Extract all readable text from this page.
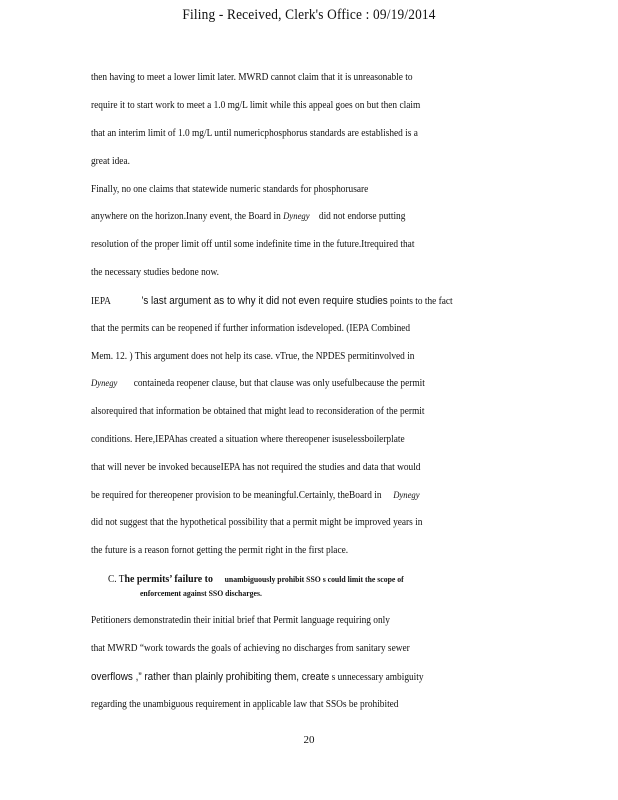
Filing - Received, Clerk's Office : 09/19/2014
then having to meet a lower limit later. MWRD cannot claim that it is unreasonable to
require it to start work to meet a 1.0 mg/L limit while this appeal goes on but then claim
that an interim limit of 1.0 mg/L until numericphosphorus standards are established is a
great idea.
Finally, no one claims that statewide numeric standards for phosphorusare
anywhere on the horizon.Inany event, the Board in Dynegy did not endorse putting
resolution of the proper limit off until some indefinite time in the future.Itrequired that
the necessary studies bedone now.
IEPA	’s last argument as to why it did not even require studies points to the fact
that the permits can be reopened if further information isdeveloped. (IEPA Combined
Mem. 12. ) This argument does not help its case. vTrue, the NPDES permitinvolved in
Dynegy containeda reopener clause, but that clause was only usefulbecause the permit
alsorequired that information be obtained that might lead to reconsideration of the permit
conditions. Here,IEPAhas created a situation where thereopener isuselessboilerplate
that will never be invoked becauseIEPA has not required the studies and data that would
be required for thereopener provision to be meaningful.Certainly, theBoard in Dynegy
did not suggest that the hypothetical possibility that a permit might be improved years in
the future is a reason fornot getting the permit right in the first place.
C. The permits’ failure to unambiguously prohibit SSO s could limit the scope of
enforcement against SSO discharges.
Petitioners demonstratedin their initial brief that Permit language requiring only
that MWRD “work towards the goals of achieving no discharges from sanitary sewer
overflows ,” rather than plainly prohibiting them, create s unnecessary ambiguity
regarding the unambiguous requirement in applicable law that SSOs be prohibited
20
